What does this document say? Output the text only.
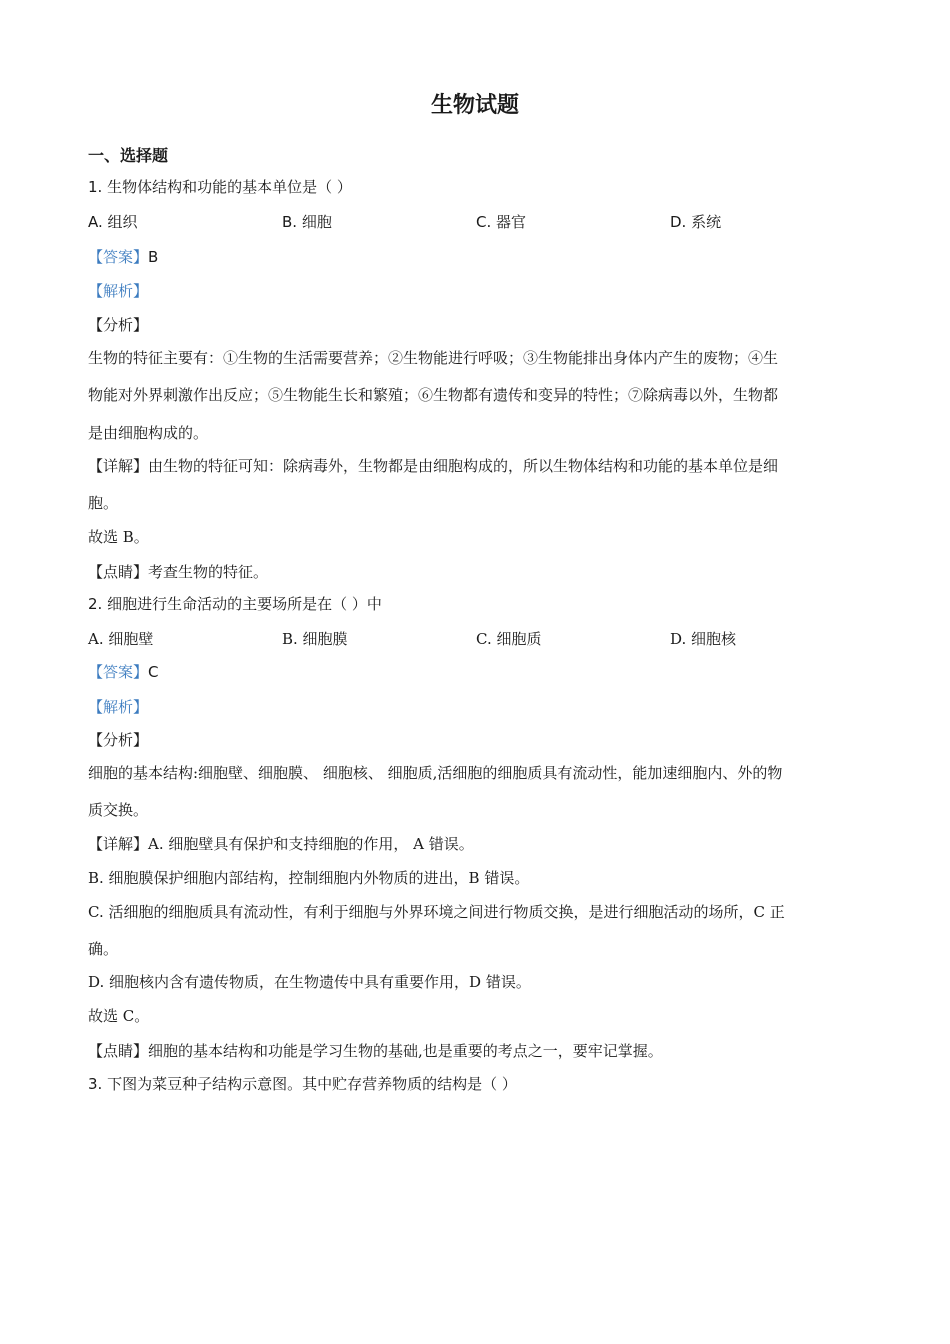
生物试题
一、选择题
1. 生物体结构和功能的基本单位是（ ）
A. 组织	B. 细胞	C. 器官	D. 系统
【答案】B
【解析】
【分析】
生物的特征主要有：①生物的生活需要营养；②生物能进行呼吸；③生物能排出身体内产生的废物；④生
物能对外界刺激作出反应；⑤生物能生长和繁殖；⑥生物都有遗传和变异的特性；⑦除病毒以外，生物都
是由细胞构成的。
【详解】由生物的特征可知：除病毒外，生物都是由细胞构成的，所以生物体结构和功能的基本单位是细
胞。
故选 B。
【点睛】考查生物的特征。
2. 细胞进行生命活动的主要场所是在（ ）中
A. 细胞壁	B. 细胞膜	C. 细胞质	D. 细胞核
【答案】C
【解析】
【分析】
细胞的基本结构:细胞壁、细胞膜、 细胞核、 细胞质,活细胞的细胞质具有流动性，能加速细胞内、外的物
质交换。
【详解】A. 细胞壁具有保护和支持细胞的作用， A 错误。
B. 细胞膜保护细胞内部结构，控制细胞内外物质的进出，B 错误。
C. 活细胞的细胞质具有流动性，有利于细胞与外界环境之间进行物质交换，是进行细胞活动的场所，C 正
确。
D. 细胞核内含有遗传物质，在生物遗传中具有重要作用，D 错误。
故选 C。
【点睛】细胞的基本结构和功能是学习生物的基础,也是重要的考点之一，要牢记掌握。
3. 下图为菜豆种子结构示意图。其中贮存营养物质的结构是（ ）
